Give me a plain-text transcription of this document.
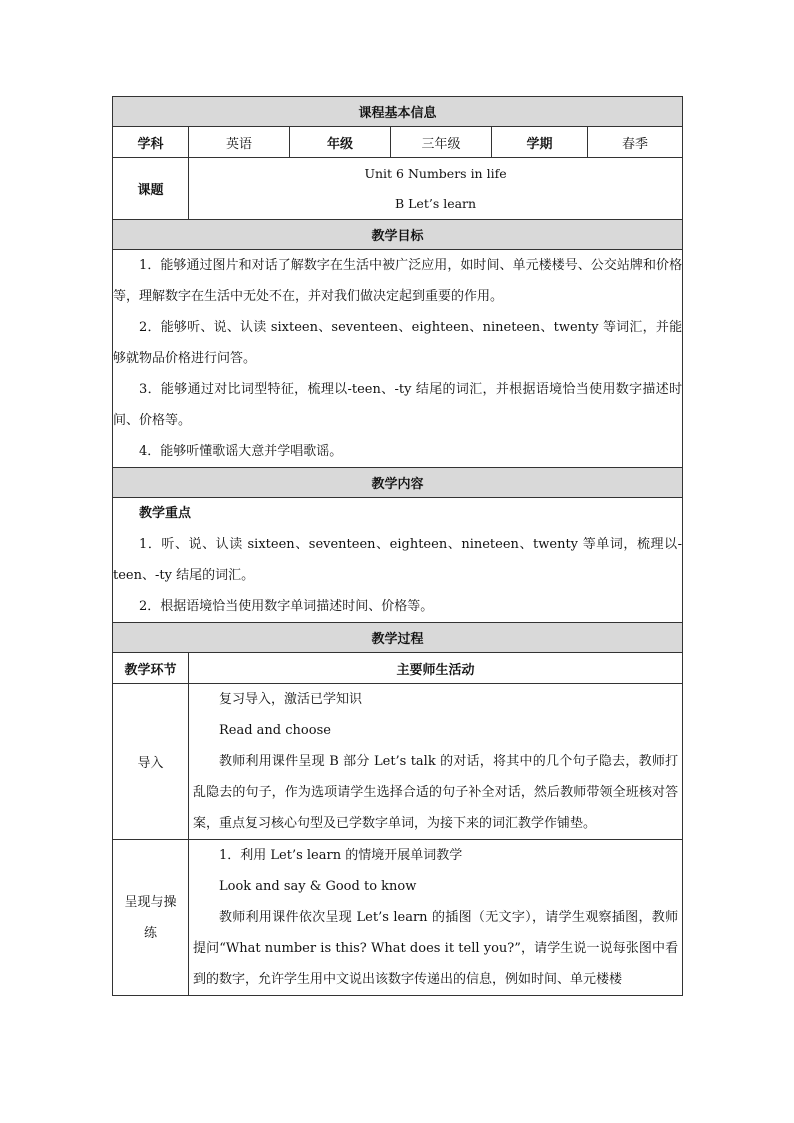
课程基本信息					
学科	英语	年级	三年级	学期	春季
课题	Unit 6 Numbers in life
B Let’s learn				

教学目标					

1．能够通过图片和对话了解数字在生活中被广泛应用，如时间、单元楼楼号、公交站牌和价格等，理解数字在生活中无处不在，并对我们做决定起到重要的作用。

2．能够听、说、认读 sixteen、seventeen、eighteen、nineteen、twenty 等词汇，并能够就物品价格进行问答。

3．能够通过对比词型特征，梳理以-teen、-ty 结尾的词汇，并根据语境恰当使用数字描述时间、价格等。

4．能够听懂歌谣大意并学唱歌谣。					

教学内容					

教学重点

1．听、说、认读 sixteen、seventeen、eighteen、nineteen、twenty 等单词，梳理以-teen、-ty 结尾的词汇。

2．根据语境恰当使用数字单词描述时间、价格等。					

教学过程					
教学环节	主要师生活动				
导入	复习导入，激活已学知识

Read and choose

教师利用课件呈现 B 部分 Let’s talk 的对话，将其中的几个句子隐去，教师打乱隐去的句子，作为选项请学生选择合适的句子补全对话，然后教师带领全班核对答案，重点复习核心句型及已学数字单词，为接下来的词汇教学作铺垫。				

呈现与操练	1．利用 Let’s learn 的情境开展单词教学

Look and say & Good to know

教师利用课件依次呈现 Let’s learn 的插图（无文字），请学生观察插图，教师提问“What number is this? What does it tell you?”，请学生说一说每张图中看到的数字，允许学生用中文说出该数字传递出的信息，例如时间、单元楼楼				
